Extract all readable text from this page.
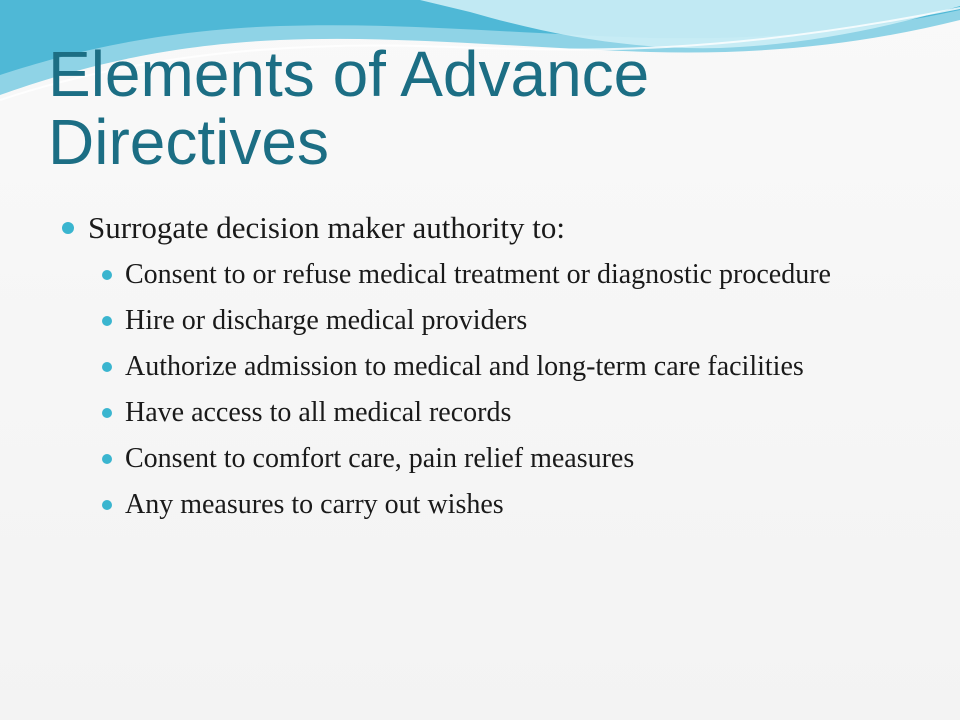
Elements of Advance Directives
Surrogate decision maker authority to:
Consent to or refuse medical treatment or diagnostic procedure
Hire or discharge medical providers
Authorize admission to medical and long-term care facilities
Have access to all medical records
Consent to comfort care, pain relief measures
Any measures to carry out wishes
